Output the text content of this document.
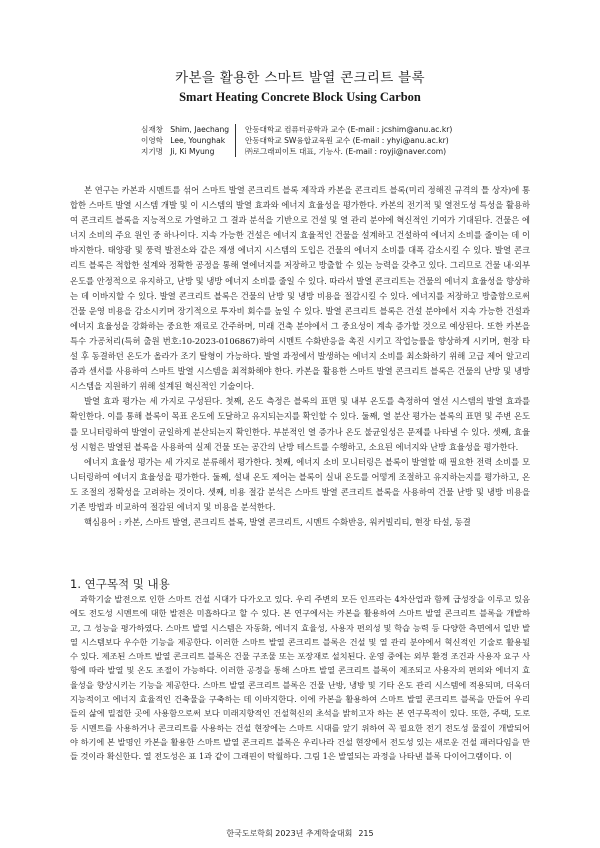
카본을 활용한 스마트 발열 콘크리트 블록
Smart Heating Concrete Block Using Carbon
심재창 Shim, Jaechang	안동대학교 컴퓨터공학과 교수 (E-mail : jcshim@anu.ac.kr)
이영학 Lee, Younghak	안동대학교 SW융합교육원 교수 (E-mail : yhyi@anu.ac.kr)
지기명 Ji, Ki Myung	㈜로그래피이트 대표, 기능사. (E-mail : royji@naver.com)

본 연구는 카본과 시멘트를 섞어 스마트 발열 콘크리트 블록 제작과 카본을 콘크리트 블록(미리 정해진 규격의 틀 상자)에 통합한 스마트 발열 시스템 개발 및 이 시스템의 발열 효과와 에너지 효율성을 평가한다. 카본의 전기적 및 열전도성 특성을 활용하여 콘크리트 블록을 지능적으로 가열하고 그 결과 분석을 기반으로 건설 및 열 관리 분야에 혁신적인 기여가 기대된다. 건물은 에너지 소비의 주요 원인 중 하나이다. 지속 가능한 건설은 에너지 효율적인 건물을 설계하고 건설하여 에너지 소비를 줄이는 데 이바지한다. 태양광 및 풍력 발전소와 같은 재생 에너지 시스템의 도입은 건물의 에너지 소비를 대폭 감소시킬 수 있다. 발열 콘크리트 블록은 적합한 설계와 정확한 공정을 통해 열에너지를 저장하고 방출할 수 있는 능력을 갖추고 있다. 그리므로 건물 내·외부 온도를 안정적으로 유지하고, 난방 및 냉방 에너지 소비를 줄일 수 있다. 따라서 발열 콘크리트는 건물의 에너지 효율성을 향상하는 데 이바지할 수 있다. 발열 콘크리트 블록은 건물의 난방 및 냉방 비용을 절감시킬 수 있다. 에너지를 저장하고 방출함으로써 건물 운영 비용을 감소시키며 장기적으로 투자비 회수를 높일 수 있다. 발열 콘크리트 블록은 건설 분야에서 지속 가능한 건설과 에너지 효율성을 강화하는 중요한 재료로 간주하며, 미래 건축 분야에서 그 중요성이 계속 증가할 것으로 예상된다. 또한 카본을 특수 가공처리(특허 출원 번호:10-2023-0106867)하여 시멘트 수화반응을 촉진 시키고 작업능률을 향상하게 시키며, 현장 타설 후 동결하던 온도가 올라가 조기 탈형이 가능하다. 발열 과정에서 발생하는 에너지 소비를 최소화하기 위해 고급 제어 알고리즘과 센서를 사용하여 스마트 발열 시스템을 최적화해야 한다. 카본을 활용한 스마트 발열 콘크리트 블록은 건물의 난방 및 냉방 시스템을 지원하기 위해 설계된 혁신적인 기술이다.

발열 효과 평가는 세 가지로 구성된다. 첫째, 온도 측정은 블록의 표면 및 내부 온도를 측정하여 열선 시스템의 발열 효과를 확인한다. 이를 통해 블록이 목표 온도에 도달하고 유지되는지를 확인할 수 있다. 둘째, 열 분산 평가는 블록의 표면 및 주변 온도를 모니터링하여 발열이 균일하게 분산되는지 확인한다. 부분적인 열 증가나 온도 불균일성은 문제를 나타낼 수 있다. 셋째, 효율성 시험은 발열된 블록을 사용하여 실제 건물 또는 공간의 난방 테스트를 수행하고, 소요된 에너지와 난방 효율성을 평가한다.

에너지 효율성 평가는 세 가지로 분류해서 평가한다. 첫째, 에너지 소비 모니터링은 블록이 발열할 때 필요한 전력 소비를 모니터링하여 에너지 효율성을 평가한다. 둘째, 설내 온도 제어는 블록이 실내 온도를 어떻게 조절하고 유지하는지를 평가하고, 온도 조절의 정확성을 고려하는 것이다. 셋째, 비용 절감 분석은 스마트 발열 콘크리트 블록을 사용하여 건물 난방 및 냉방 비용을 기존 방법과 비교하여 절감된 에너지 및 비용을 분석한다.

핵심용어 : 카본, 스마트 발열, 콘크리트 블록, 발열 콘크리트, 시멘트 수화반응, 워커빌리티, 현장 타설, 동결

1. 연구목적 및 내용

과학기술 발전으로 인한 스마트 건설 시대가 다가오고 있다. 우리 주변의 모든 인프라는 4차산업과 함께 급성장을 이루고 있음에도 전도성 시멘트에 대한 발전은 미흡하다고 할 수 있다. 본 연구에서는 카본을 활용하여 스마트 발열 콘크리트 블록을 개발하고, 그 성능을 평가하였다. 스마트 발열 시스템은 자동화, 에너지 효율성, 사용자 편의성 및 학습 능력 등 다양한 측면에서 일반 발열 시스템보다 우수한 기능을 제공한다. 이러한 스마트 발열 콘크리트 블록은 건설 및 열 관리 분야에서 혁신적인 기술로 활용될 수 있다. 제조된 스마트 발열 콘크리트 블록은 건물 구조물 또는 포장재로 설치된다. 운영 중에는 외부 환경 조건과 사용자 요구 사항에 따라 발열 및 온도 조절이 가능하다. 이러한 공정을 통해 스마트 발열 콘크리트 블록이 제조되고 사용자의 편의와 에너지 효율성을 향상시키는 기능을 제공한다. 스마트 발열 콘크리트 블록은 건물 난방, 냉방 및 기타 온도 관리 시스템에 적용되며, 더욱더 지능적이고 에너지 효율적인 건축물을 구축하는 데 이바지한다. 이에 카본을 활용하여 스마트 발열 콘크리트 블록을 만들어 우리들의 삶에 밀접한 곳에 사용함으로써 보다 미래지향적인 건설혁신의 초석을 밝히고자 하는 본 연구목적이 있다. 또한, 주택, 도로 등 시멘트를 사용하거나 콘크리트를 사용하는 건설 현장에는 스마트 시대를 앞기 위하여 꼭 필요한 전기 전도성 물질이 개발되어야 하기에 본 발명인 카본을 활용한 스마트 발열 콘크리트 블록은 우리나라 건설 현장에서 전도성 있는 새로운 건설 패러다임을 만들 것이라 확신한다. 열 전도성은 표 1과 같이 그래핀이 탁월하다. 그림 1은 발열되는 과정을 나타낸 블록 다이어그램이다. 이

한국도로학회 2023년 추계학술대회 215
